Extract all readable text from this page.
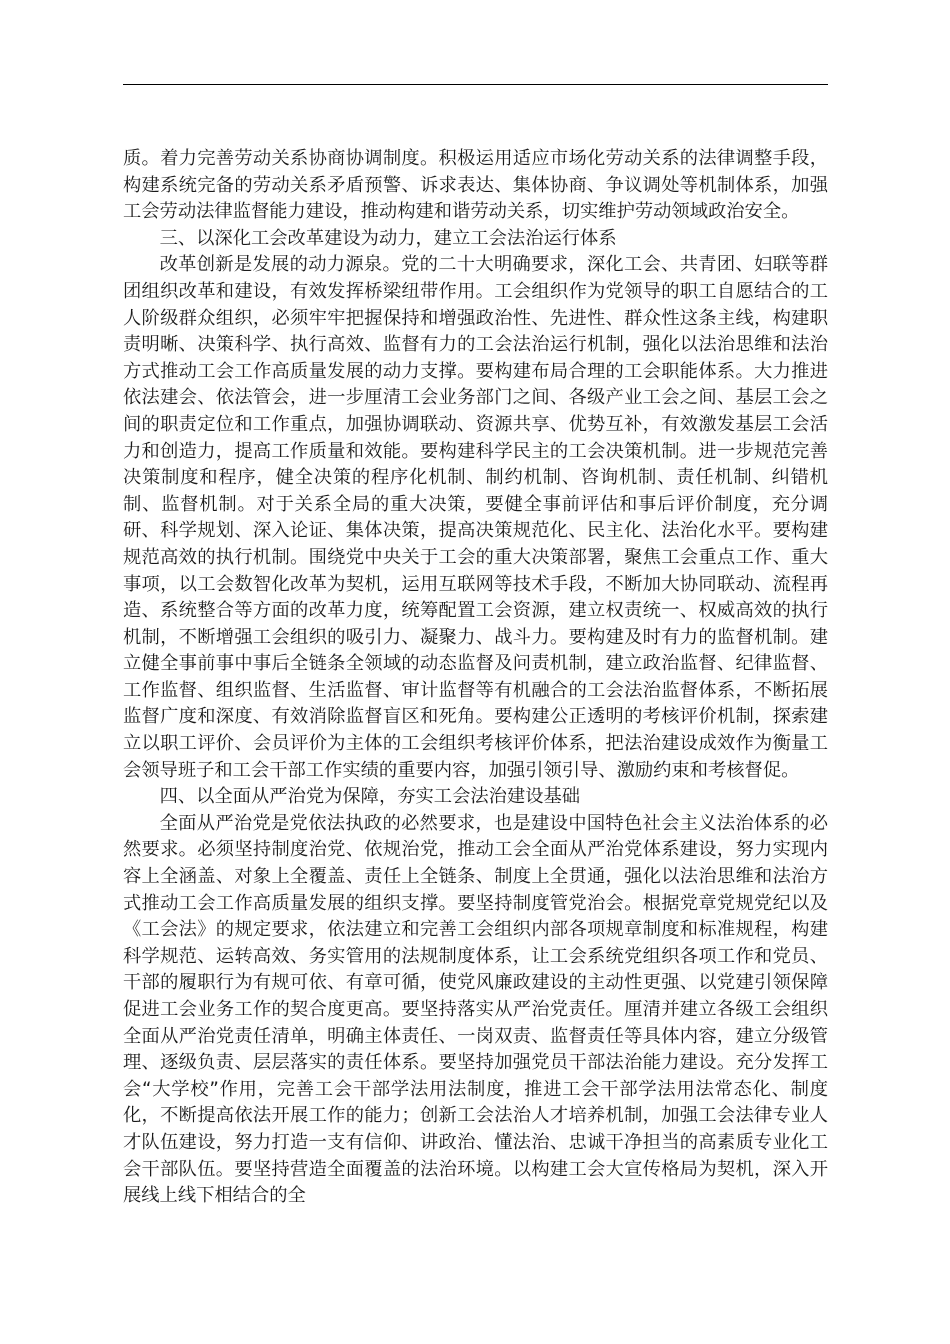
质。着力完善劳动关系协商协调制度。积极运用适应市场化劳动关系的法律调整手段，构建系统完备的劳动关系矛盾预警、诉求表达、集体协商、争议调处等机制体系，加强工会劳动法律监督能力建设，推动构建和谐劳动关系，切实维护劳动领域政治安全。

三、以深化工会改革建设为动力，建立工会法治运行体系

改革创新是发展的动力源泉。党的二十大明确要求，深化工会、共青团、妇联等群团组织改革和建设，有效发挥桥梁纽带作用。工会组织作为党领导的职工自愿结合的工人阶级群众组织，必须牢牢把握保持和增强政治性、先进性、群众性这条主线，构建职责明晰、决策科学、执行高效、监督有力的工会法治运行机制，强化以法治思维和法治方式推动工会工作高质量发展的动力支撑。要构建布局合理的工会职能体系。大力推进依法建会、依法管会，进一步厘清工会业务部门之间、各级产业工会之间、基层工会之间的职责定位和工作重点，加强协调联动、资源共享、优势互补，有效激发基层工会活力和创造力，提高工作质量和效能。要构建科学民主的工会决策机制。进一步规范完善决策制度和程序，健全决策的程序化机制、制约机制、咨询机制、责任机制、纠错机制、监督机制。对于关系全局的重大决策，要健全事前评估和事后评价制度，充分调研、科学规划、深入论证、集体决策，提高决策规范化、民主化、法治化水平。要构建规范高效的执行机制。围绕党中央关于工会的重大决策部署，聚焦工会重点工作、重大事项，以工会数智化改革为契机，运用互联网等技术手段，不断加大协同联动、流程再造、系统整合等方面的改革力度，统筹配置工会资源，建立权责统一、权威高效的执行机制，不断增强工会组织的吸引力、凝聚力、战斗力。要构建及时有力的监督机制。建立健全事前事中事后全链条全领域的动态监督及问责机制，建立政治监督、纪律监督、工作监督、组织监督、生活监督、审计监督等有机融合的工会法治监督体系，不断拓展监督广度和深度、有效消除监督盲区和死角。要构建公正透明的考核评价机制，探索建立以职工评价、会员评价为主体的工会组织考核评价体系，把法治建设成效作为衡量工会领导班子和工会干部工作实绩的重要内容，加强引领引导、激励约束和考核督促。

四、以全面从严治党为保障，夯实工会法治建设基础

全面从严治党是党依法执政的必然要求，也是建设中国特色社会主义法治体系的必然要求。必须坚持制度治党、依规治党，推动工会全面从严治党体系建设，努力实现内容上全涵盖、对象上全覆盖、责任上全链条、制度上全贯通，强化以法治思维和法治方式推动工会工作高质量发展的组织支撑。要坚持制度管党治会。根据党章党规党纪以及《工会法》的规定要求，依法建立和完善工会组织内部各项规章制度和标准规程，构建科学规范、运转高效、务实管用的法规制度体系，让工会系统党组织各项工作和党员、干部的履职行为有规可依、有章可循，使党风廉政建设的主动性更强、以党建引领保障促进工会业务工作的契合度更高。要坚持落实从严治党责任。厘清并建立各级工会组织全面从严治党责任清单，明确主体责任、一岗双责、监督责任等具体内容，建立分级管理、逐级负责、层层落实的责任体系。要坚持加强党员干部法治能力建设。充分发挥工会“大学校”作用，完善工会干部学法用法制度，推进工会干部学法用法常态化、制度化，不断提高依法开展工作的能力；创新工会法治人才培养机制，加强工会法律专业人才队伍建设，努力打造一支有信仰、讲政治、懂法治、忠诚干净担当的高素质专业化工会干部队伍。要坚持营造全面覆盖的法治环境。以构建工会大宣传格局为契机，深入开展线上线下相结合的全
